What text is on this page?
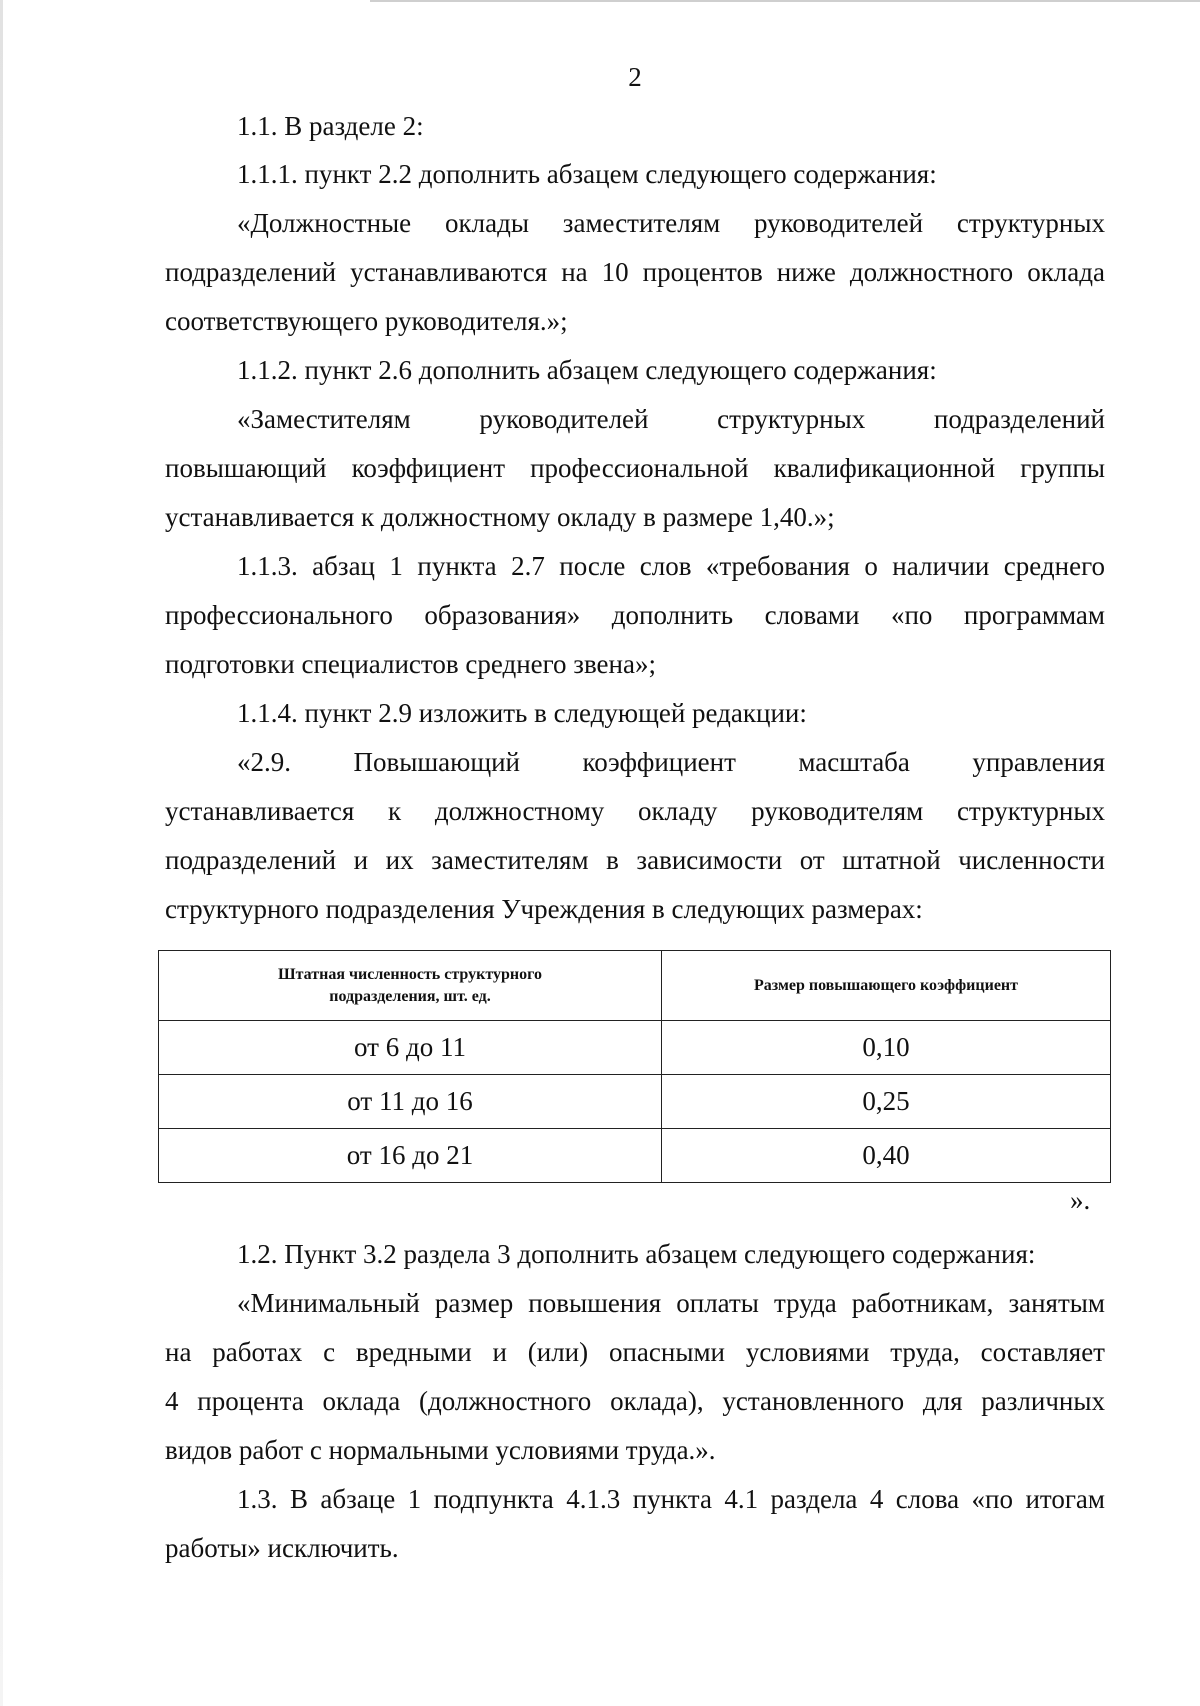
2

1.1. В разделе 2:

1.1.1. пункт 2.2 дополнить абзацем следующего содержания:

«Должностные оклады заместителям руководителей структурных

подразделений устанавливаются на 10 процентов ниже должностного оклада

соответствующего руководителя.»;

1.1.2. пункт 2.6 дополнить абзацем следующего содержания:

«Заместителям руководителей структурных подразделений

повышающий коэффициент профессиональной квалификационной группы

устанавливается к должностному окладу в размере 1,40.»;

1.1.3. абзац 1 пункта 2.7 после слов «требования о наличии среднего

профессионального образования» дополнить словами «по программам

подготовки специалистов среднего звена»;

1.1.4. пункт 2.9 изложить в следующей редакции:

«2.9. Повышающий коэффициент масштаба управления

устанавливается к должностному окладу руководителям структурных

подразделений и их заместителям в зависимости от штатной численности

структурного подразделения Учреждения в следующих размерах:

Штатная численность структурного
подразделения, шт. ед.	Размер повышающего коэффициент
от 6 до 11	0,10
от 11 до 16	0,25
от 16 до 21	0,40
».

1.2. Пункт 3.2 раздела 3 дополнить абзацем следующего содержания:

«Минимальный размер повышения оплаты труда работникам, занятым

на работах с вредными и (или) опасными условиями труда, составляет

4 процента оклада (должностного оклада), установленного для различных

видов работ с нормальными условиями труда.».

1.3. В абзаце 1 подпункта 4.1.3 пункта 4.1 раздела 4 слова «по итогам

работы» исключить.
